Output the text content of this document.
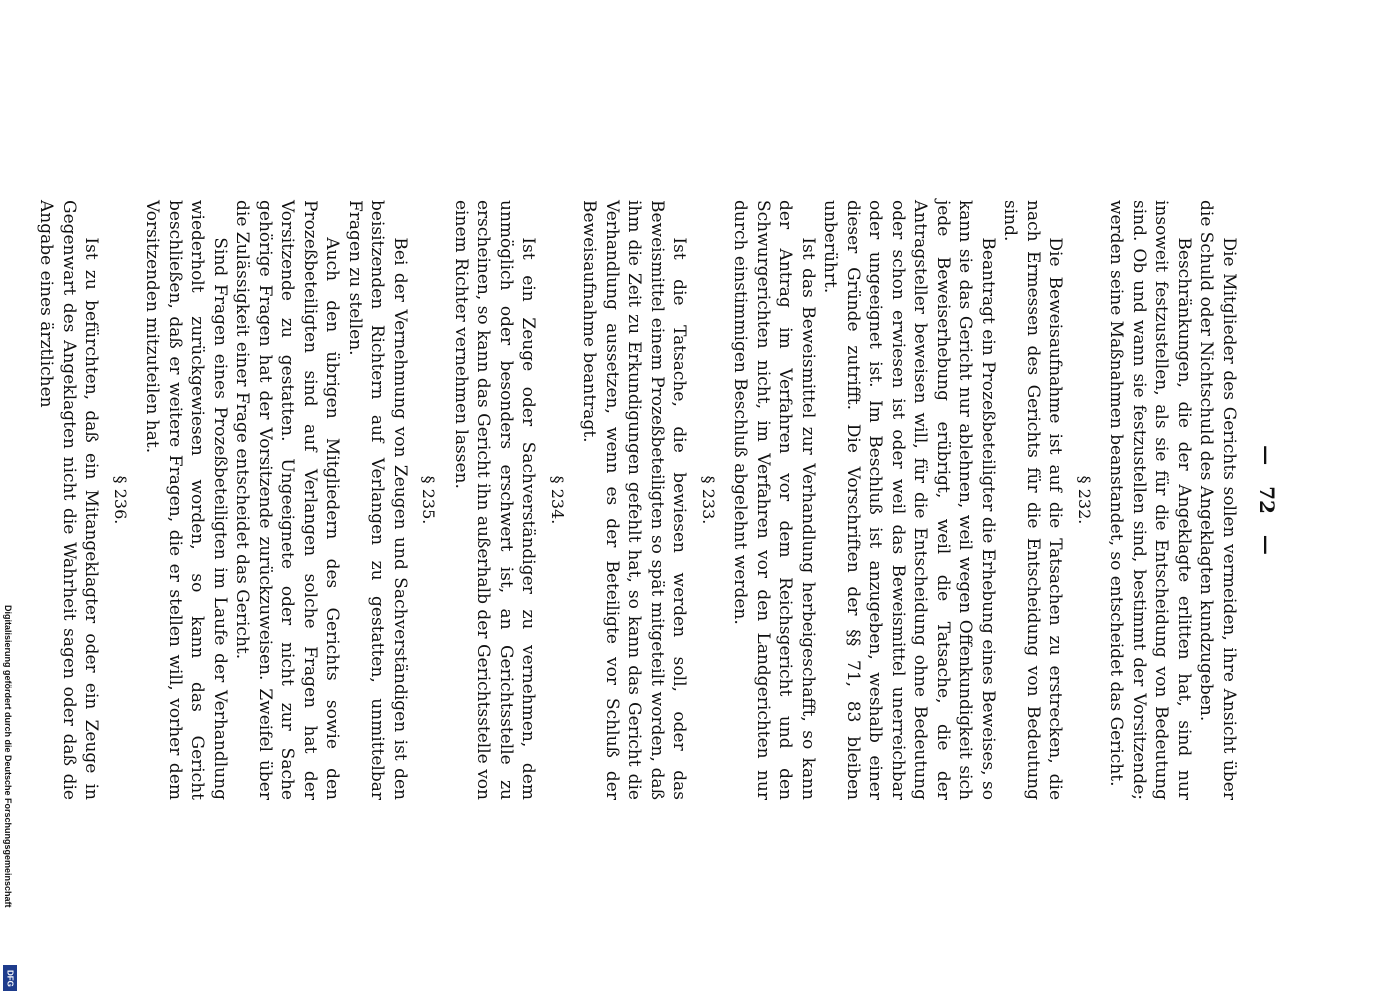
Digitalisierung gefördert durch die Deutsche Forschungsgemeinschaft
DFG
— 72 —

Die Mitglieder des Gerichts sollen vermeiden, ihre Ansicht über die Schuld oder Nichtschuld des Angeklagten kundzugeben.

Beschränkungen, die der Angeklagte erlitten hat, sind nur insoweit festzustellen, als sie für die Entscheidung von Bedeutung sind. Ob und wann sie festzustellen sind, bestimmt der Vorsitzende; werden seine Maßnahmen beanstandet, so entscheidet das Gericht.

§ 232.

Die Beweisaufnahme ist auf die Tatsachen zu erstrecken, die nach Ermessen des Gerichts für die Entscheidung von Bedeutung sind.

Beantragt ein Prozeßbeteiligter die Erhebung eines Beweises, so kann sie das Gericht nur ablehnen, weil wegen Offenkundigkeit sich jede Beweiserhebung erübrigt, weil die Tatsache, die der Antragsteller beweisen will, für die Entscheidung ohne Bedeutung oder schon erwiesen ist oder weil das Beweismittel unerreichbar oder ungeeignet ist. Im Beschluß ist anzugeben, weshalb einer dieser Gründe zutrifft. Die Vorschriften der §§ 71, 83 bleiben unberührt.

Ist das Beweismittel zur Verhandlung herbeigeschafft, so kann der Antrag im Verfahren vor dem Reichsgericht und den Schwurgerichten nicht, im Verfahren vor den Landgerichten nur durch einstimmigen Beschluß abgelehnt werden.

§ 233.

Ist die Tatsache, die bewiesen werden soll, oder das Beweismittel einem Prozeßbeteiligten so spät mitgeteilt worden, daß ihm die Zeit zu Erkundigungen gefehlt hat, so kann das Gericht die Verhandlung aussetzen, wenn es der Beteiligte vor Schluß der Beweisaufnahme beantragt.

§ 234.

Ist ein Zeuge oder Sachverständiger zu vernehmen, dem unmöglich oder besonders erschwert ist, an Gerichtsstelle zu erscheinen, so kann das Gericht ihn außerhalb der Gerichtsstelle von einem Richter vernehmen lassen.

§ 235.

Bei der Vernehmung von Zeugen und Sachverständigen ist den beisitzenden Richtern auf Verlangen zu gestatten, unmittelbar Fragen zu stellen.

Auch den übrigen Mitgliedern des Gerichts sowie den Prozeßbeteiligten sind auf Verlangen solche Fragen hat der Vorsitzende zu gestatten. Ungeeignete oder nicht zur Sache gehörige Fragen hat der Vorsitzende zurückzuweisen. Zweifel über die Zulässigkeit einer Frage entscheidet das Gericht.

Sind Fragen eines Prozeßbeteiligten im Laufe der Verhandlung wiederholt zurückgewiesen worden, so kann das Gericht beschließen, daß er weitere Fragen, die er stellen will, vorher dem Vorsitzenden mitzuteilen hat.

§ 236.

Ist zu befürchten, daß ein Mitangeklagter oder ein Zeuge in Gegenwart des Angeklagten nicht die Wahrheit sagen oder daß die Angabe eines ärztlichen
